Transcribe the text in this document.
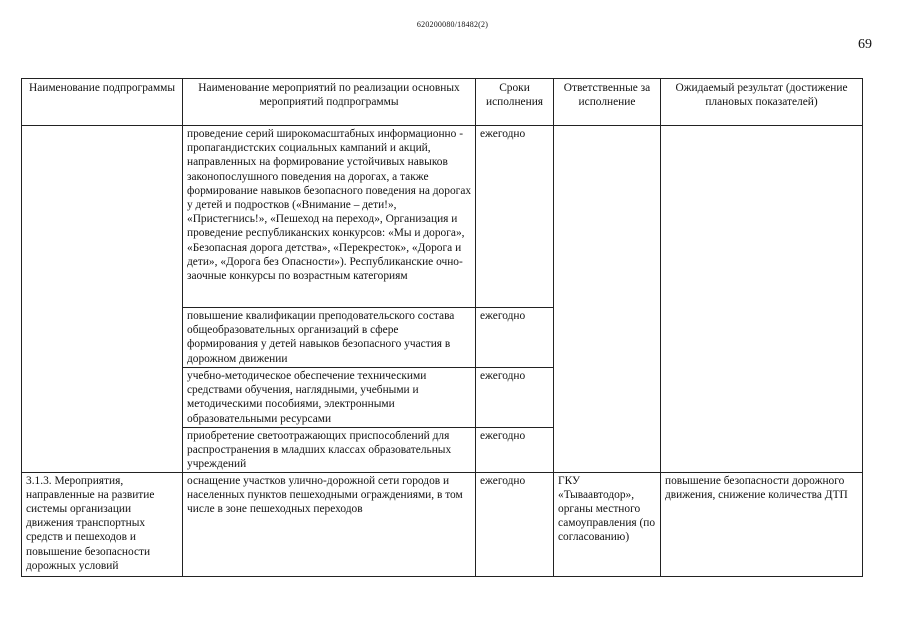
620200080/18482(2)
69
Наименование подпрограммы	Наименование мероприятий по реализации основных мероприятий подпрограммы	Сроки исполнения	Ответственные за исполнение	Ожидаемый результат (достижение плановых показателей)
	проведение серий широкомасштабных информационно - пропагандистских социальных кампаний и акций, направленных на формирование устойчивых навыков законопослушного поведения на дорогах, а также формирование навыков безопасного поведения на дорогах у детей и подростков («Внимание – дети!», «Пристегнись!», «Пешеход на переход», Организация и проведение республиканских конкурсов: «Мы и дорога», «Безопасная дорога детства», «Перекресток», «Дорога и дети», «Дорога без Опасности»). Республиканские очно-заочные конкурсы по возрастным категориям	ежегодно		
	повышение квалификации преподовательского состава общеобразовательных организаций в сфере формирования у детей навыков безопасного участия в дорожном движении	ежегодно		
	учебно-методическое обеспечение техническими средствами обучения, наглядными, учебными и методическими пособиями, электронными образовательными ресурсами	ежегодно		
	приобретение светоотражающих приспособлений для распространения в младших классах образовательных учреждений	ежегодно		
3.1.3. Мероприятия, направленные на развитие системы организации движения транспортных средств и пешеходов и повышение безопасности дорожных условий	оснащение участков улично-дорожной сети городов и населенных пунктов пешеходными ограждениями, в том числе в зоне пешеходных переходов	ежегодно	ГКУ «Тываавтодор», органы местного самоуправления (по согласованию)	повышение безопасности дорожного движения, снижение количества ДТП
